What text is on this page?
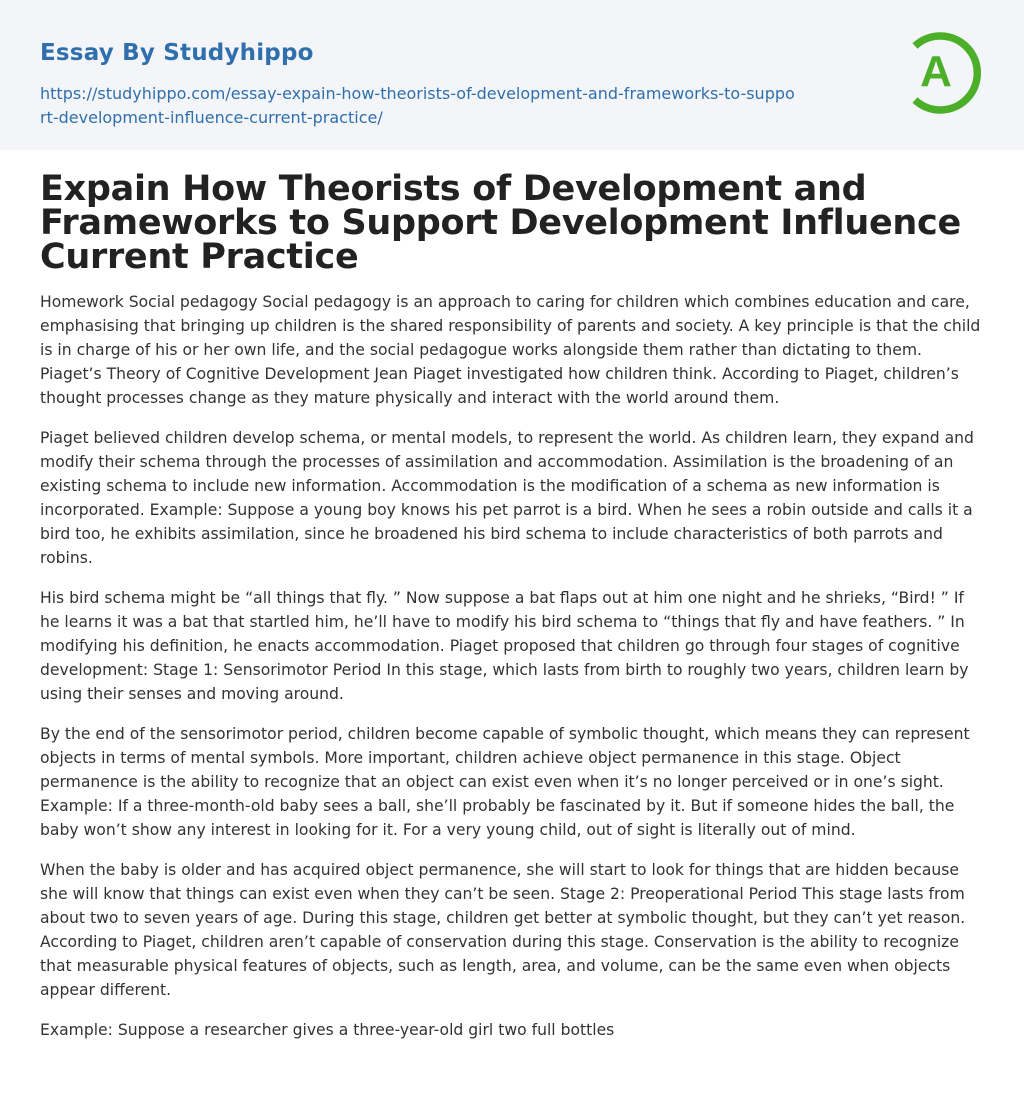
Essay By Studyhippo
https://studyhippo.com/essay-expain-how-theorists-of-development-and-frameworks-to-support-development-influence-current-practice/
A
Expain How Theorists of Development and Frameworks to Support Development Influence Current Practice

Homework Social pedagogy Social pedagogy is an approach to caring for children which combines education and care, emphasising that bringing up children is the shared responsibility of parents and society. A key principle is that the child is in charge of his or her own life, and the social pedagogue works alongside them rather than dictating to them. Piaget’s Theory of Cognitive Development Jean Piaget investigated how children think. According to Piaget, children’s thought processes change as they mature physically and interact with the world around them.

Piaget believed children develop schema, or mental models, to represent the world. As children learn, they expand and modify their schema through the processes of assimilation and accommodation. Assimilation is the broadening of an existing schema to include new information. Accommodation is the modification of a schema as new information is incorporated. Example: Suppose a young boy knows his pet parrot is a bird. When he sees a robin outside and calls it a bird too, he exhibits assimilation, since he broadened his bird schema to include characteristics of both parrots and robins.

His bird schema might be “all things that fly. ” Now suppose a bat flaps out at him one night and he shrieks, “Bird! ” If he learns it was a bat that startled him, he’ll have to modify his bird schema to “things that fly and have feathers. ” In modifying his definition, he enacts accommodation. Piaget proposed that children go through four stages of cognitive development: Stage 1: Sensorimotor Period In this stage, which lasts from birth to roughly two years, children learn by using their senses and moving around.

By the end of the sensorimotor period, children become capable of symbolic thought, which means they can represent objects in terms of mental symbols. More important, children achieve object permanence in this stage. Object permanence is the ability to recognize that an object can exist even when it’s no longer perceived or in one’s sight. Example: If a three-month-old baby sees a ball, she’ll probably be fascinated by it. But if someone hides the ball, the baby won’t show any interest in looking for it. For a very young child, out of sight is literally out of mind.

When the baby is older and has acquired object permanence, she will start to look for things that are hidden because she will know that things can exist even when they can’t be seen. Stage 2: Preoperational Period This stage lasts from about two to seven years of age. During this stage, children get better at symbolic thought, but they can’t yet reason. According to Piaget, children aren’t capable of conservation during this stage. Conservation is the ability to recognize that measurable physical features of objects, such as length, area, and volume, can be the same even when objects appear different.

Example: Suppose a researcher gives a three-year-old girl two full bottles
